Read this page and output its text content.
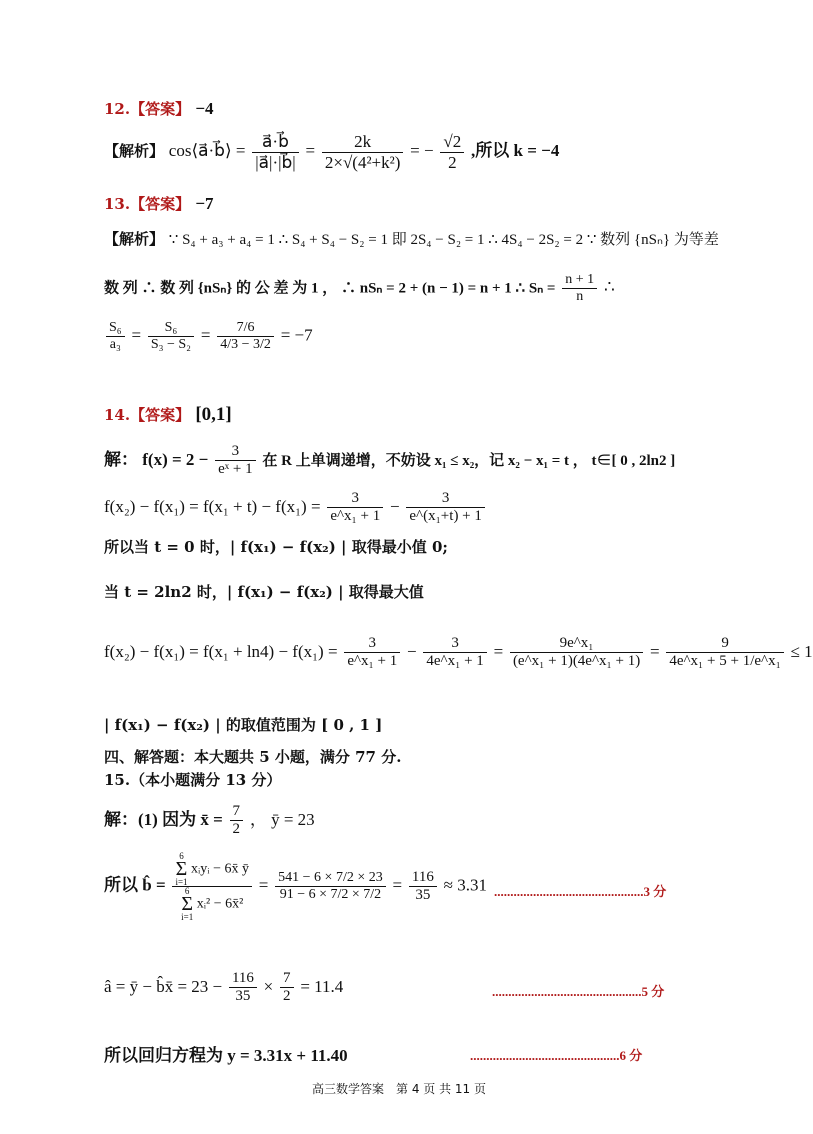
12.【答案】 −4
【解析】 cos⟨a⃗·b⃗⟩ = $\frac{a⃗\cdot b⃗}{|a⃗|\cdot|b⃗|} = \frac{2k}{\text{2×√(4²+k²)}}$ = − $\frac{√2}{2}$ ,所以 k = −4
13.【答案】 −7
【解析】 ∵ S₄ + a₃ + a₄ = 1 ∴ S₄ + S₄ − S₂ = 1 即 2S₄ − S₂ = 1 ∴ 4S₄ − 2S₂ = 2 ∵ 数列 {nSₙ} 为等差
数 列 ∴ 数 列 {nSₙ} 的 公 差 为 1 ， ∴ nSₙ = 2 + (n − 1) = n + 1 ∴ $S_n = \frac{n + 1}{n}$ ∴
$\frac{\text{S₆}}{\text{a₃}} = \frac{\text{S₆}}{\text{S₃ − S₂}} = \frac{7/6}{4/3 - 3/2} = -7$
14.【答案】 [0,1]
解： $f(x) = 2 - \frac{3}{\text{eˣ + 1}}$ 在 R 上单调递增，不妨设 x₁ ≤ x₂，记 x₂ − x₁ = t ， t∈[ 0 , 2ln2 ]
$f(x_2) - f(x_1) = f(x_1 + t) - f(x_1) = \frac{3}{\text{e\textasciicircum{}x₁ + 1}} - \frac{3}{\text{e\textasciicircum{}(x₁+t) + 1}}$
所以当 t = 0 时，| f(x₁) − f(x₂) | 取得最小值 0;
当 t = 2ln2 时，| f(x₁) − f(x₂) | 取得最大值
$f(x_2) - f(x_1) = f(x_1 + \ln 4) - f(x_1) = \frac{3}{\text{e\textasciicircum{}x₁ + 1}} - \frac{3}{\text{4e\textasciicircum{}x₁ + 1}} = \frac{\text{9e\textasciicircum{}x₁}}{\text{(e\textasciicircum{}x₁ + 1)(4e\textasciicircum{}x₁ + 1)}} = \frac{9}{\text{4e\textasciicircum{}x₁ + 5 + 1/e\textasciicircum{}x₁}} \le 1$
| f(x₁) − f(x₂) | 的取值范围为 [ 0 , 1 ]
四、解答题：本大题共 5 小题，满分 77 分.
15.（本小题满分 13 分）
解：(1) 因为 x̄ = $\frac{7}{2}$ ， ȳ = 23
所以 b̂ = 6
Σ
i=1
xᵢyᵢ − 6x̄ ȳ
6
Σ
i=1
xᵢ² − 6x̄² = $\frac{541 - 6 \times 7/2 \times 23}{91 - 6 \times 7/2 \times 7/2} = \frac{116}{35} \approx 3.31$ ..............................................3 分
â = ȳ − b̂x̄ = $23 - \frac{116}{35} \times \frac{7}{2} = 11.4$	..............................................5 分
所以回归方程为 y = 3.31x + 11.40	..............................................6 分
高三数学答案　第 4 页 共 11 页
